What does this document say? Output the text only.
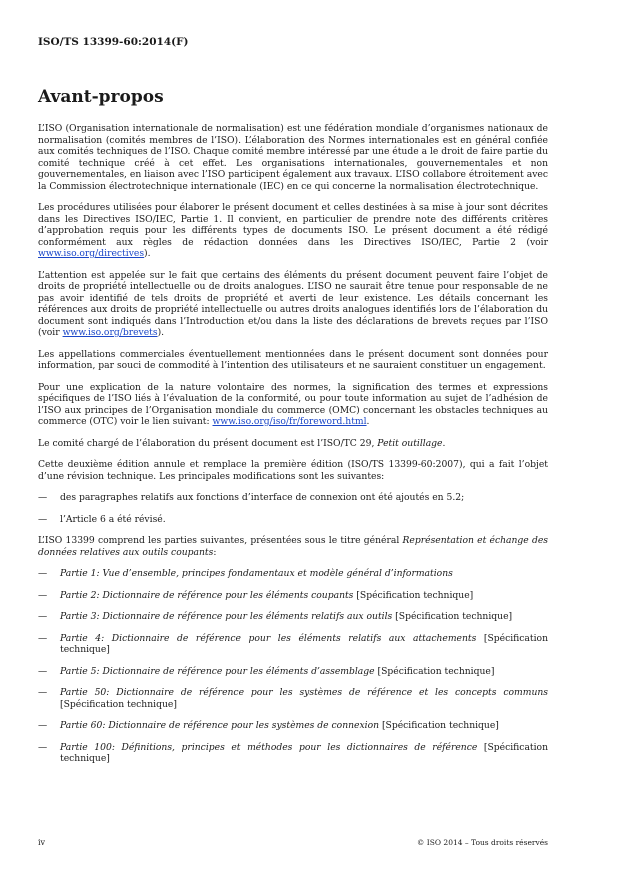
ISO/TS 13399-60:2014(F)
Avant-propos

L’ISO (Organisation internationale de normalisation) est une fédération mondiale d’organismes nationaux de normalisation (comités membres de l’ISO). L’élaboration des Normes internationales est en général confiée aux comités techniques de l’ISO. Chaque comité membre intéressé par une étude a le droit de faire partie du comité technique créé à cet effet. Les organisations internationales, gouvernementales et non gouvernementales, en liaison avec l’ISO participent également aux travaux. L’ISO collabore étroitement avec la Commission électrotechnique internationale (IEC) en ce qui concerne la normalisation électrotechnique.

Les procédures utilisées pour élaborer le présent document et celles destinées à sa mise à jour sont décrites dans les Directives ISO/IEC, Partie 1. Il convient, en particulier de prendre note des différents critères d’approbation requis pour les différents types de documents ISO. Le présent document a été rédigé conformément aux règles de rédaction données dans les Directives ISO/IEC, Partie 2 (voir www.iso.org/directives).

L’attention est appelée sur le fait que certains des éléments du présent document peuvent faire l’objet de droits de propriété intellectuelle ou de droits analogues. L’ISO ne saurait être tenue pour responsable de ne pas avoir identifié de tels droits de propriété et averti de leur existence. Les détails concernant les références aux droits de propriété intellectuelle ou autres droits analogues identifiés lors de l’élaboration du document sont indiqués dans l’Introduction et/ou dans la liste des déclarations de brevets reçues par l’ISO (voir www.iso.org/brevets).

Les appellations commerciales éventuellement mentionnées dans le présent document sont données pour information, par souci de commodité à l’intention des utilisateurs et ne sauraient constituer un engagement.

Pour une explication de la nature volontaire des normes, la signification des termes et expressions spécifiques de l’ISO liés à l’évaluation de la conformité, ou pour toute information au sujet de l’adhésion de l’ISO aux principes de l’Organisation mondiale du commerce (OMC) concernant les obstacles techniques au commerce (OTC) voir le lien suivant: www.iso.org/iso/fr/foreword.html.

Le comité chargé de l’élaboration du présent document est l’ISO/TC 29, Petit outillage.

Cette deuxième édition annule et remplace la première édition (ISO/TS 13399-60:2007), qui a fait l’objet d’une révision technique. Les principales modifications sont les suivantes:

—	des paragraphes relatifs aux fonctions d’interface de connexion ont été ajoutés en 5.2;
—	l’Article 6 a été révisé.

L’ISO 13399 comprend les parties suivantes, présentées sous le titre général Représentation et échange des données relatives aux outils coupants:

—	Partie 1: Vue d’ensemble, principes fondamentaux et modèle général d’informations
—	Partie 2: Dictionnaire de référence pour les éléments coupants [Spécification technique]
—	Partie 3: Dictionnaire de référence pour les éléments relatifs aux outils [Spécification technique]
—	Partie 4: Dictionnaire de référence pour les éléments relatifs aux attachements [Spécification technique]
—	Partie 5: Dictionnaire de référence pour les éléments d’assemblage [Spécification technique]
—	Partie 50: Dictionnaire de référence pour les systèmes de référence et les concepts communs [Spécification technique]
—	Partie 60: Dictionnaire de référence pour les systèmes de connexion [Spécification technique]
—	Partie 100: Définitions, principes et méthodes pour les dictionnaires de référence [Spécification technique]
iv	© ISO 2014 – Tous droits réservés
